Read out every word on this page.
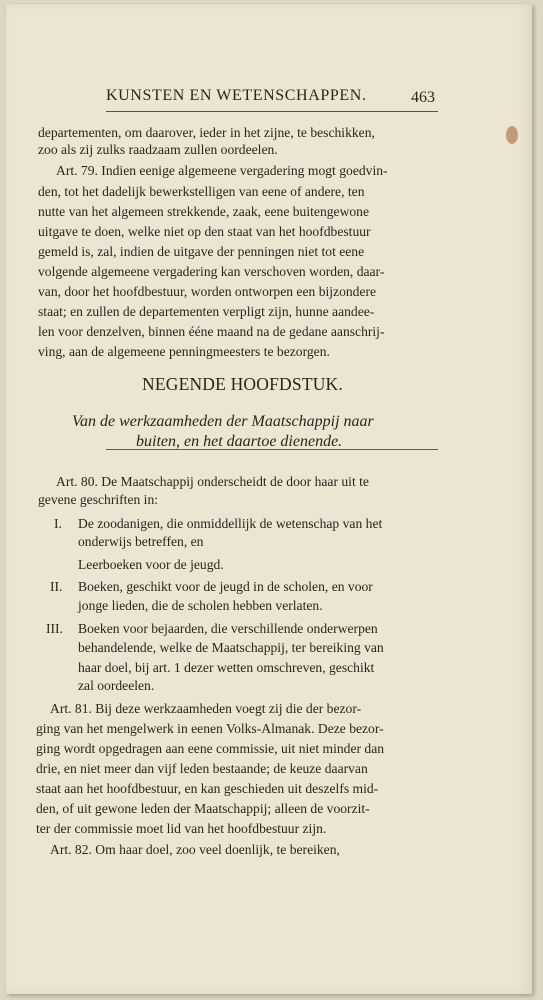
KUNSTEN EN WETENSCHAPPEN.	463
departementen, om daarover, ieder in het zijne, te beschikken,
zoo als zij zulks raadzaam zullen oordeelen.
Art. 79. Indien eenige algemeene vergadering mogt goedvin-
den, tot het dadelijk bewerkstelligen van eene of andere, ten
nutte van het algemeen strekkende, zaak, eene buitengewone
uitgave te doen, welke niet op den staat van het hoofdbestuur
gemeld is, zal, indien de uitgave der penningen niet tot eene
volgende algemeene vergadering kan verschoven worden, daar-
van, door het hoofdbestuur, worden ontworpen een bijzondere
staat; en zullen de departementen verpligt zijn, hunne aandee-
len voor denzelven, binnen ééne maand na de gedane aanschrij-
ving, aan de algemeene penningmeesters te bezorgen.
NEGENDE HOOFDSTUK.
Van de werkzaamheden der Maatschappij naar
buiten, en het daartoe dienende.
Art. 80. De Maatschappij onderscheidt de door haar uit te
gevene geschriften in:
I. De zoodanigen, die onmiddellijk de wetenschap van het
onderwijs betreffen, en
Leerboeken voor de jeugd.
II. Boeken, geschikt voor de jeugd in de scholen, en voor
jonge lieden, die de scholen hebben verlaten.
III. Boeken voor bejaarden, die verschillende onderwerpen
behandelende, welke de Maatschappij, ter bereiking van
haar doel, bij art. 1 dezer wetten omschreven, geschikt
zal oordeelen.
Art. 81. Bij deze werkzaamheden voegt zij die der bezor-
ging van het mengelwerk in eenen Volks-Almanak. Deze bezor-
ging wordt opgedragen aan eene commissie, uit niet minder dan
drie, en niet meer dan vijf leden bestaande; de keuze daarvan
staat aan het hoofdbestuur, en kan geschieden uit deszelfs mid-
den, of uit gewone leden der Maatschappij; alleen de voorzit-
ter der commissie moet lid van het hoofdbestuur zijn.
Art. 82. Om haar doel, zoo veel doenlijk, te bereiken,
